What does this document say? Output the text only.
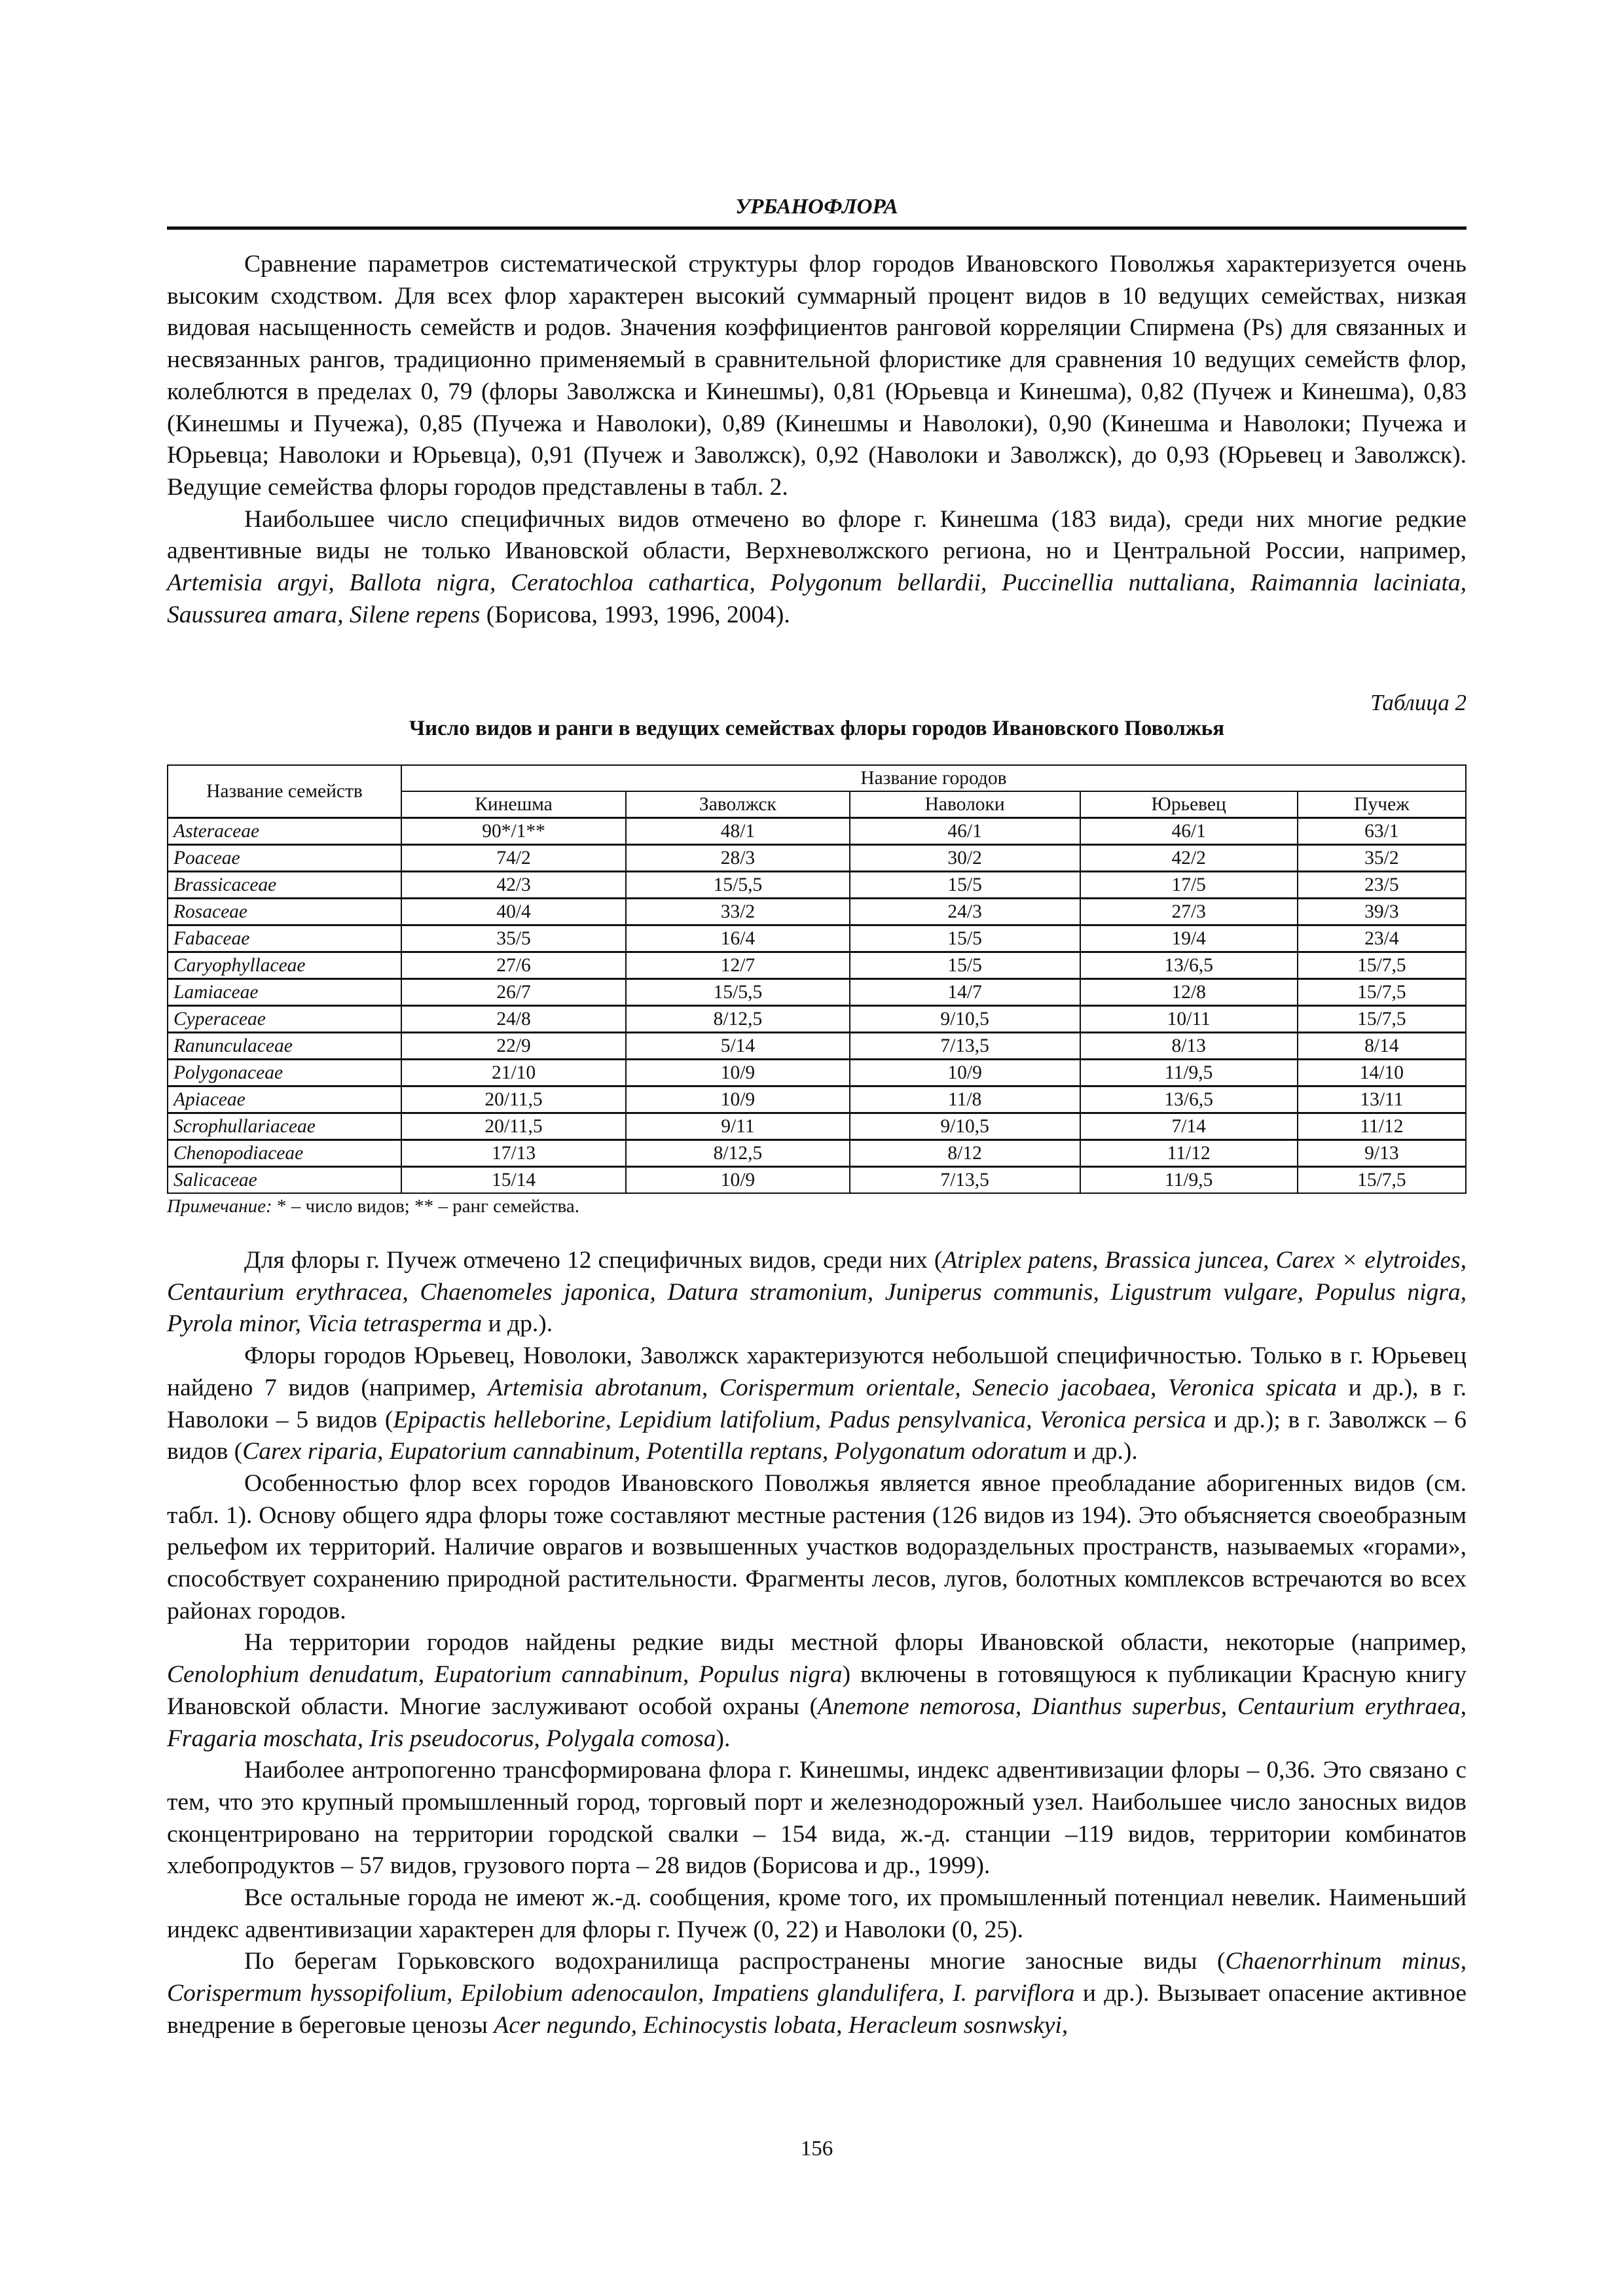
УРБАНОФЛОРА

Сравнение параметров систематической структуры флор городов Ивановского Поволжья характеризуется очень высоким сходством. Для всех флор характерен высокий суммарный процент видов в 10 ведущих семействах, низкая видовая насыщенность семейств и родов. Значения коэффициентов ранговой корреляции Спирмена (Ps) для связанных и несвязанных рангов, традиционно применяемый в сравнительной флористике для сравнения 10 ведущих семейств флор, колеблются в пределах 0, 79 (флоры Заволжска и Кинешмы), 0,81 (Юрьевца и Кинешма), 0,82 (Пучеж и Кинешма), 0,83 (Кинешмы и Пучежа), 0,85 (Пучежа и Наволоки), 0,89 (Кинешмы и Наволоки), 0,90 (Кинешма и Наволоки; Пучежа и Юрьевца; Наволоки и Юрьевца), 0,91 (Пучеж и Заволжск), 0,92 (Наволоки и Заволжск), до 0,93 (Юрьевец и Заволжск). Ведущие семейства флоры городов представлены в табл. 2.

Наибольшее число специфичных видов отмечено во флоре г. Кинешма (183 вида), среди них многие редкие адвентивные виды не только Ивановской области, Верхневолжского региона, но и Центральной России, например, Artemisia argyi, Ballota nigra, Ceratochloa cathartica, Polygonum bellardii, Puccinellia nuttaliana, Raimannia laciniata, Saussurea amara, Silene repens (Борисова, 1993, 1996, 2004).

Таблица 2
Число видов и ранги в ведущих семействах флоры городов Ивановского Поволжья
Название семейств	Название городов				
	Кинешма	Заволжск	Наволоки	Юрьевец	Пучеж
Asteraceae	90*/1**	48/1	46/1	46/1	63/1
Poaceae	74/2	28/3	30/2	42/2	35/2
Brassicaceae	42/3	15/5,5	15/5	17/5	23/5
Rosaceae	40/4	33/2	24/3	27/3	39/3
Fabaceae	35/5	16/4	15/5	19/4	23/4
Caryophyllaceae	27/6	12/7	15/5	13/6,5	15/7,5
Lamiaceae	26/7	15/5,5	14/7	12/8	15/7,5
Cyperaceae	24/8	8/12,5	9/10,5	10/11	15/7,5
Ranunculaceae	22/9	5/14	7/13,5	8/13	8/14
Polygonaceae	21/10	10/9	10/9	11/9,5	14/10
Apiaceae	20/11,5	10/9	11/8	13/6,5	13/11
Scrophullariaceae	20/11,5	9/11	9/10,5	7/14	11/12
Chenopodiaceae	17/13	8/12,5	8/12	11/12	9/13
Salicaceae	15/14	10/9	7/13,5	11/9,5	15/7,5
Примечание: * – число видов; ** – ранг семейства.

Для флоры г. Пучеж отмечено 12 специфичных видов, среди них (Atriplex patens, Brassica juncea, Carex × elytroides, Centaurium erythracea, Chaenomeles japonica, Datura stramonium, Juniperus communis, Ligustrum vulgare, Populus nigra, Pyrola minor, Vicia tetrasperma и др.).

Флоры городов Юрьевец, Новолоки, Заволжск характеризуются небольшой специфичностью. Только в г. Юрьевец найдено 7 видов (например, Artemisia abrotanum, Corispermum orientale, Senecio jacobaea, Veronica spicata и др.), в г. Наволоки – 5 видов (Epipactis helleborine, Lepidium latifolium, Padus pensylvanica, Veronica persica и др.); в г. Заволжск – 6 видов (Carex riparia, Eupatorium cannabinum, Potentilla reptans, Polygonatum odoratum и др.).

Особенностью флор всех городов Ивановского Поволжья является явное преобладание аборигенных видов (см. табл. 1). Основу общего ядра флоры тоже составляют местные растения (126 видов из 194). Это объясняется своеобразным рельефом их территорий. Наличие оврагов и возвышенных участков водораздельных пространств, называемых «горами», способствует сохранению природной растительности. Фрагменты лесов, лугов, болотных комплексов встречаются во всех районах городов.

На территории городов найдены редкие виды местной флоры Ивановской области, некоторые (например, Cenolophium denudatum, Eupatorium cannabinum, Populus nigra) включены в готовящуюся к публикации Красную книгу Ивановской области. Многие заслуживают особой охраны (Anemone nemorosa, Dianthus superbus, Centaurium erythraea, Fragaria moschata, Iris pseudocorus, Polygala comosa).

Наиболее антропогенно трансформирована флора г. Кинешмы, индекс адвентивизации флоры – 0,36. Это связано с тем, что это крупный промышленный город, торговый порт и железнодорожный узел. Наибольшее число заносных видов сконцентрировано на территории городской свалки – 154 вида, ж.-д. станции –119 видов, территории комбинатов хлебопродуктов – 57 видов, грузового порта – 28 видов (Борисова и др., 1999).

Все остальные города не имеют ж.-д. сообщения, кроме того, их промышленный потенциал невелик. Наименьший индекс адвентивизации характерен для флоры г. Пучеж (0, 22) и Наволоки (0, 25).

По берегам Горьковского водохранилища распространены многие заносные виды (Chaenorrhinum minus, Corispermum hyssopifolium, Epilobium adenocaulon, Impatiens glandulifera, I. parviflora и др.). Вызывает опасение активное внедрение в береговые ценозы Acer negundo, Echinocystis lobata, Heracleum sosnwskyi,

156
